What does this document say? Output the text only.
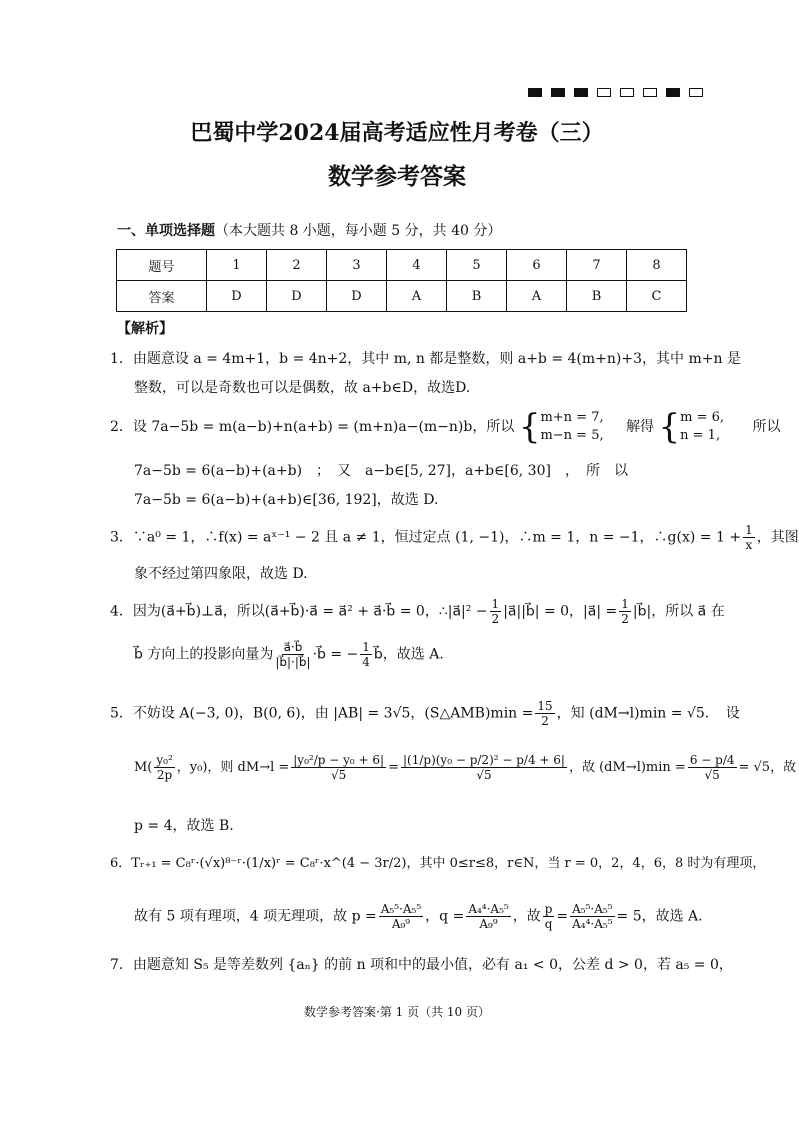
巴蜀中学2024届高考适应性月考卷（三）
数学参考答案
一、单项选择题（本大题共 8 小题，每小题 5 分，共 40 分）
题号	1	2	3	4	5	6	7	8
答案	D	D	D	A	B	A	B	C
【解析】
1．由题意设 a = 4m+1，b = 4n+2，其中 m, n 都是整数，则 a+b = 4(m+n)+3，其中 m+n 是
整数，可以是奇数也可以是偶数，故 a+b∈D，故选D.
2．设 7a−5b = m(a−b)+n(a+b) = (m+n)a−(m−n)b，所以 { m+n = 7,
m−n = 5,
解得 { m = 6,
n = 1,
所以
7a−5b = 6(a−b)+(a+b)　；　又　a−b∈[5, 27]，a+b∈[6, 30]　，　所　以
7a−5b = 6(a−b)+(a+b)∈[36, 192]，故选 D.
3．∵a⁰ = 1，∴f(x) = aˣ⁻¹ − 2 且 a ≠ 1，恒过定点 (1, −1)，∴m = 1，n = −1，∴g(x) = $1 + \frac{1}{x}$ ，其图
象不经过第四象限，故选 D.
4．因为(a⃗+b⃗)⊥a⃗，所以(a⃗+b⃗)·a⃗ = a⃗² + a⃗·b⃗ = 0，∴|a⃗|² − $\frac{1}{2}$ |a⃗||b⃗| = 0，|a⃗| = $\frac{1}{2}$ |b⃗|，所以 a⃗ 在
b⃗ 方向上的投影向量为 $\frac{a⃗\cdot b⃗}{|b⃗|\cdot|b⃗|}$ ·b⃗ = − $\frac{1}{4}$ b⃗，故选 A.
5．不妨设 A(−3, 0)，B(0, 6)，由 |AB| = 3√5，(S△AMB)min = $\frac{15}{2}$ ，知 (dM→l)min = √5．　设
$M( \frac{\text{y₀²}}{2p}$ ，y₀)，则 $dM\to l = \frac{\text{|y₀²/p − y₀ + 6|}}{√5} = \frac{\text{|(1/p)(y₀ − p/2)² − p/4 + 6|}}{√5}$ ，故 $(dM\to l)\min = \frac{6 - p/4}{√5} = √5$，故
p = 4，故选 B.
6．Tᵣ₊₁ = C₈ʳ·(√x)⁸⁻ʳ·(1/x)ʳ = C₈ʳ·x^(4 − 3r/2)，其中 0≤r≤8，r∈N，当 r = 0，2，4，6，8 时为有理项，
故有 5 项有理项，4 项无理项，故 $p = \frac{\text{A₅⁵·A₅⁵}}{\text{A₉⁹}}$ ，$q = \frac{\text{A₄⁴·A₅⁵}}{\text{A₉⁹}}$ ，故 $\frac{p}{q} = \frac{\text{A₅⁵·A₅⁵}}{\text{A₄⁴·A₅⁵}} = 5$，故选 A.
7．由题意知 S₅ 是等差数列 {aₙ} 的前 n 项和中的最小值，必有 a₁ < 0，公差 d > 0，若 a₅ = 0，
数学参考答案·第 1 页（共 10 页）
